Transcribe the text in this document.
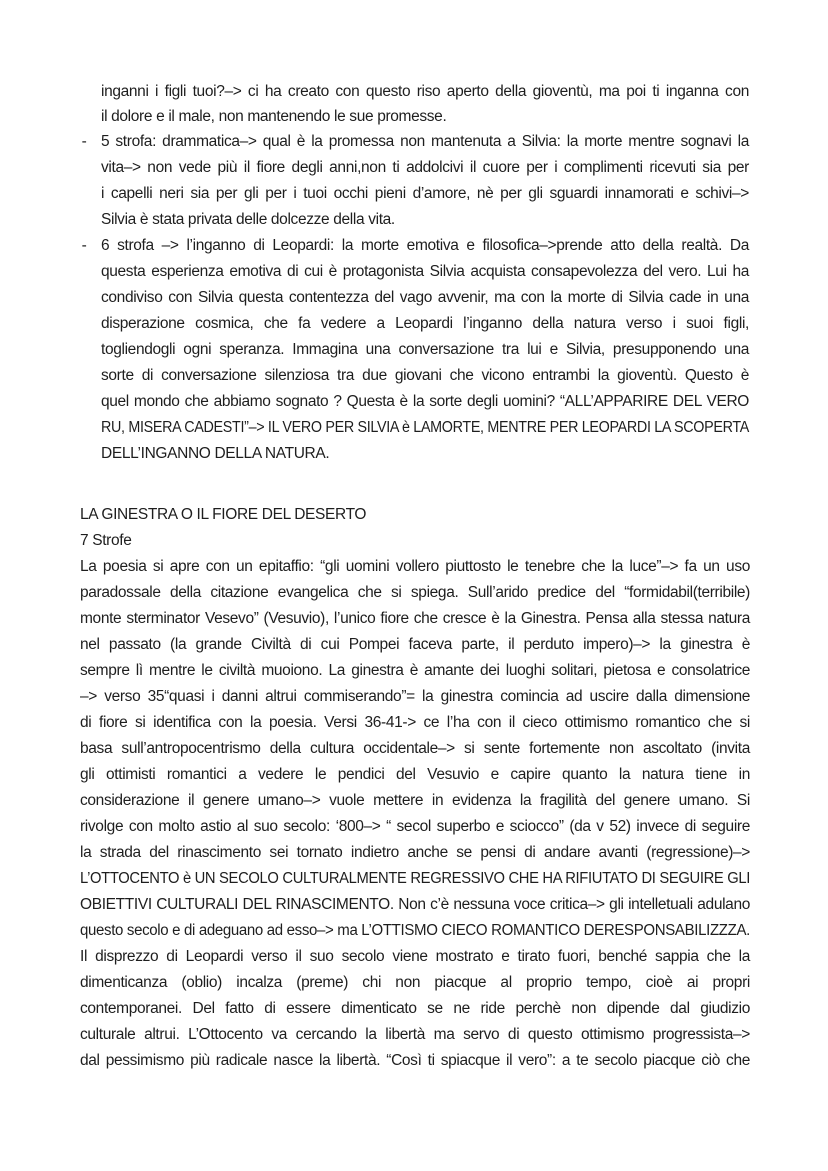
inganni i figli tuoi?–> ci ha creato con questo riso aperto della gioventù, ma poi ti inganna con
il dolore e il male, non mantenendo le sue promesse.
- 5 strofa: drammatica–> qual è la promessa non mantenuta a Silvia: la morte mentre sognavi la
vita–> non vede più il fiore degli anni,non ti addolcivi il cuore per i complimenti ricevuti sia per
i capelli neri sia per gli per i tuoi occhi pieni d’amore, nè per gli sguardi innamorati e schivi–>
Silvia è stata privata delle dolcezze della vita.
- 6 strofa –> l’inganno di Leopardi: la morte emotiva e filosofica–>prende atto della realtà. Da
questa esperienza emotiva di cui è protagonista Silvia acquista consapevolezza del vero. Lui ha
condiviso con Silvia questa contentezza del vago avvenir, ma con la morte di Silvia cade in una
disperazione cosmica, che fa vedere a Leopardi l’inganno della natura verso i suoi figli,
togliendogli ogni speranza. Immagina una conversazione tra lui e Silvia, presupponendo una
sorte di conversazione silenziosa tra due giovani che vicono entrambi la gioventù. Questo è
quel mondo che abbiamo sognato ? Questa è la sorte degli uomini? “ALL’APPARIRE DEL VERO
RU, MISERA CADESTI”–> IL VERO PER SILVIA è LAMORTE, MENTRE PER LEOPARDI LA SCOPERTA
DELL’INGANNO DELLA NATURA.
LA GINESTRA O IL FIORE DEL DESERTO
7 Strofe
La poesia si apre con un epitaffio: “gli uomini vollero piuttosto le tenebre che la luce”–> fa un uso
paradossale della citazione evangelica che si spiega. Sull’arido predice del “formidabil(terribile)
monte sterminator Vesevo” (Vesuvio), l’unico fiore che cresce è la Ginestra. Pensa alla stessa natura
nel passato (la grande Civiltà di cui Pompei faceva parte, il perduto impero)–> la ginestra è
sempre lì mentre le civiltà muoiono. La ginestra è amante dei luoghi solitari, pietosa e consolatrice
–> verso 35“quasi i danni altrui commiserando”= la ginestra comincia ad uscire dalla dimensione
di fiore si identifica con la poesia. Versi 36-41-> ce l’ha con il cieco ottimismo romantico che si
basa sull’antropocentrismo della cultura occidentale–> si sente fortemente non ascoltato (invita
gli ottimisti romantici a vedere le pendici del Vesuvio e capire quanto la natura tiene in
considerazione il genere umano–> vuole mettere in evidenza la fragilità del genere umano. Si
rivolge con molto astio al suo secolo: ‘800–> “ secol superbo e sciocco” (da v 52) invece di seguire
la strada del rinascimento sei tornato indietro anche se pensi di andare avanti (regressione)–>
L’OTTOCENTO è UN SECOLO CULTURALMENTE REGRESSIVO CHE HA RIFIUTATO DI SEGUIRE GLI
OBIETTIVI CULTURALI DEL RINASCIMENTO. Non c’è nessuna voce critica–> gli intelletuali adulano
questo secolo e di adeguano ad esso–> ma L’OTTISMO CIECO ROMANTICO DERESPONSABILIZZZA.
Il disprezzo di Leopardi verso il suo secolo viene mostrato e tirato fuori, benché sappia che la
dimenticanza (oblio) incalza (preme) chi non piacque al proprio tempo, cioè ai propri
contemporanei. Del fatto di essere dimenticato se ne ride perchè non dipende dal giudizio
culturale altrui. L’Ottocento va cercando la libertà ma servo di questo ottimismo progressista–>
dal pessimismo più radicale nasce la libertà. “Così ti spiacque il vero”: a te secolo piacque ciò che
